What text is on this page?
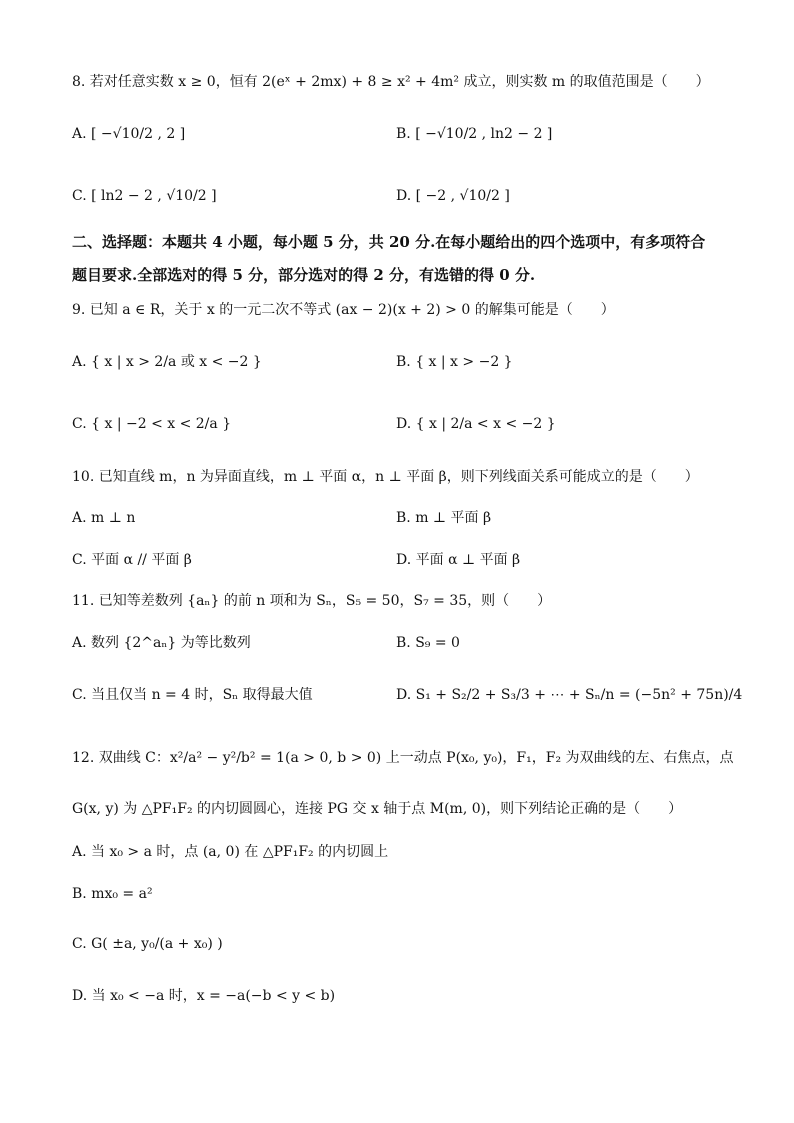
8. 若对任意实数 x ≥ 0，恒有 2(eˣ + 2mx) + 8 ≥ x² + 4m² 成立，则实数 m 的取值范围是（　　）
A. [ −√10/2 , 2 ]	B. [ −√10/2 , ln2 − 2 ]
C. [ ln2 − 2 , √10/2 ]	D. [ −2 , √10/2 ]
二、选择题：本题共 4 小题，每小题 5 分，共 20 分.在每小题给出的四个选项中，有多项符合
题目要求.全部选对的得 5 分，部分选对的得 2 分，有选错的得 0 分.
9. 已知 a ∈ R，关于 x 的一元二次不等式 (ax − 2)(x + 2) > 0 的解集可能是（　　）
A. { x | x > 2/a 或 x < −2 }	B. { x | x > −2 }
C. { x | −2 < x < 2/a }	D. { x | 2/a < x < −2 }
10. 已知直线 m，n 为异面直线，m ⊥ 平面 α，n ⊥ 平面 β，则下列线面关系可能成立的是（　　）
A. m ⊥ n	B. m ⊥ 平面 β
C. 平面 α // 平面 β	D. 平面 α ⊥ 平面 β
11. 已知等差数列 {aₙ} 的前 n 项和为 Sₙ，S₅ = 50，S₇ = 35，则（　　）
A. 数列 {2^aₙ} 为等比数列	B. S₉ = 0
C. 当且仅当 n = 4 时，Sₙ 取得最大值	D. S₁ + S₂/2 + S₃/3 + ⋯ + Sₙ/n = (−5n² + 75n)/4
12. 双曲线 C：x²/a² − y²/b² = 1(a > 0, b > 0) 上一动点 P(x₀, y₀)，F₁，F₂ 为双曲线的左、右焦点，点
G(x, y) 为 △PF₁F₂ 的内切圆圆心，连接 PG 交 x 轴于点 M(m, 0)，则下列结论正确的是（　　）
A. 当 x₀ > a 时，点 (a, 0) 在 △PF₁F₂ 的内切圆上
B. mx₀ = a²
C. G( ±a, y₀/(a + x₀) )
D. 当 x₀ < −a 时，x = −a(−b < y < b)
